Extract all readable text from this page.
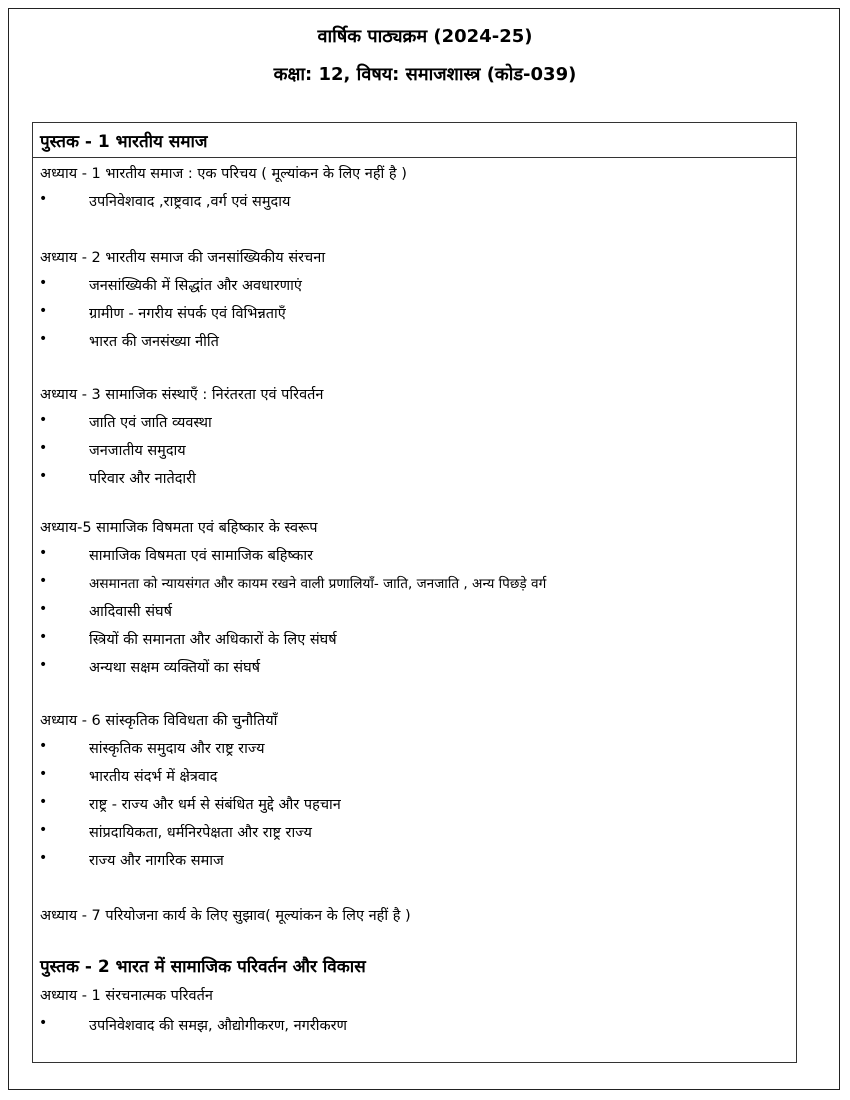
वार्षिक पाठ्यक्रम (2024-25)
कक्षा: 12, विषय: समाजशास्त्र (कोड-039)
पुस्तक - 1 भारतीय समाज
अध्याय - 1 भारतीय समाज : एक परिचय ( मूल्यांकन के लिए नहीं है )
•	उपनिवेशवाद ,राष्ट्रवाद ,वर्ग एवं समुदाय
अध्याय - 2 भारतीय समाज की जनसांख्यिकीय संरचना
•	जनसांख्यिकी में सिद्धांत और अवधारणाएं
•	ग्रामीण - नगरीय संपर्क एवं विभिन्नताएँ
•	भारत की जनसंख्या नीति
अध्याय - 3 सामाजिक संस्थाएँ : निरंतरता एवं परिवर्तन
•	जाति एवं जाति व्यवस्था
•	जनजातीय समुदाय
•	परिवार और नातेदारी
अध्याय-5 सामाजिक विषमता एवं बहिष्कार के स्वरूप
•	सामाजिक विषमता एवं सामाजिक बहिष्कार
•	असमानता को न्यायसंगत और कायम रखने वाली प्रणालियाँ- जाति, जनजाति , अन्य पिछड़े वर्ग
•	आदिवासी संघर्ष
•	स्त्रियों की समानता और अधिकारों के लिए संघर्ष
•	अन्यथा सक्षम व्यक्तियों का संघर्ष
अध्याय - 6 सांस्कृतिक विविधता की चुनौतियाँ
•	सांस्कृतिक समुदाय और राष्ट्र राज्य
•	भारतीय संदर्भ में क्षेत्रवाद
•	राष्ट्र - राज्य और धर्म से संबंधित मुद्दे और पहचान
•	सांप्रदायिकता, धर्मनिरपेक्षता और राष्ट्र राज्य
•	राज्य और नागरिक समाज
अध्याय - 7 परियोजना कार्य के लिए सुझाव( मूल्यांकन के लिए नहीं है )
पुस्तक - 2 भारत में सामाजिक परिवर्तन और विकास
अध्याय - 1 संरचनात्मक परिवर्तन
•	उपनिवेशवाद की समझ, औद्योगीकरण, नगरीकरण
